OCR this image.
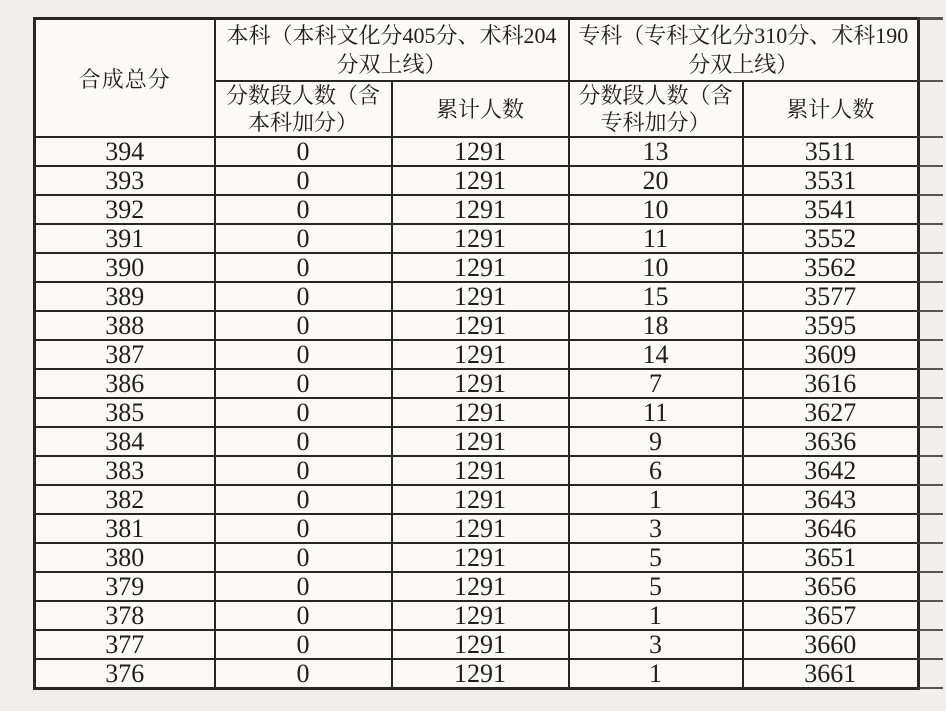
合成总分	本科（本科文化分405分、术科204分双上线）		专科（专科文化分310分、术科190分双上线）	
	分数段人数（含本科加分）	累计人数	分数段人数（含专科加分）	累计人数
394	0	1291	13	3511
393	0	1291	20	3531
392	0	1291	10	3541
391	0	1291	11	3552
390	0	1291	10	3562
389	0	1291	15	3577
388	0	1291	18	3595
387	0	1291	14	3609
386	0	1291	7	3616
385	0	1291	11	3627
384	0	1291	9	3636
383	0	1291	6	3642
382	0	1291	1	3643
381	0	1291	3	3646
380	0	1291	5	3651
379	0	1291	5	3656
378	0	1291	1	3657
377	0	1291	3	3660
376	0	1291	1	3661
